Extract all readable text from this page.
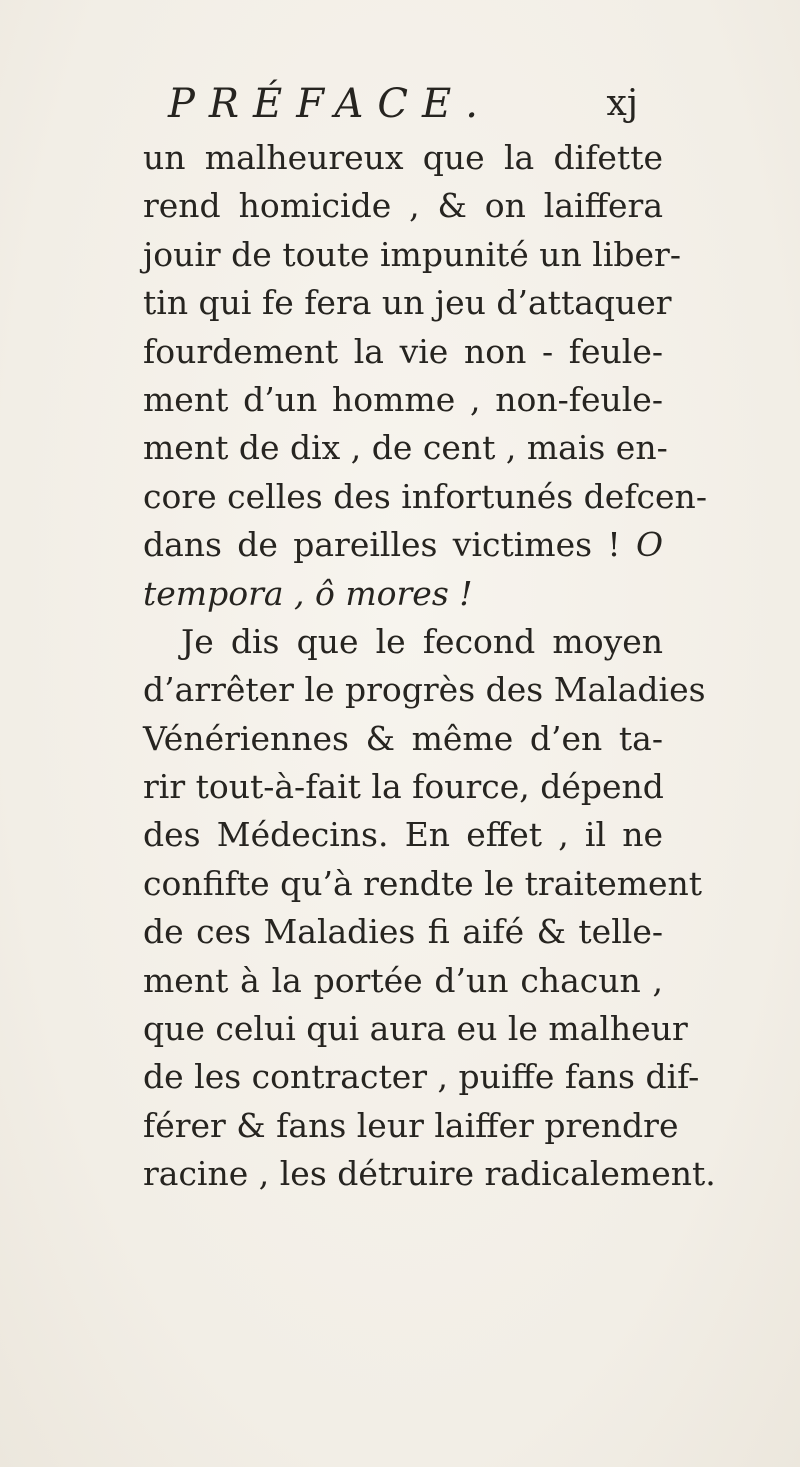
PRÉFACE.	xj
un malheureux que la difette
rend homicide , & on laiffera
jouir de toute impunité un liber-
tin qui fe fera un jeu d’attaquer
fourdement la vie non - feule-
ment d’un homme , non-feule-
ment de dix , de cent , mais en-
core celles des infortunés defcen-
dans de pareilles victimes ! O
tempora , ô mores !
Je dis que le fecond moyen
d’arrêter le progrès des Maladies
Vénériennes & même d’en ta-
rir tout-à-fait la fource, dépend
des Médecins. En effet , il ne
confifte qu’à rendte le traitement
de ces Maladies fi aifé & telle-
ment à la portée d’un chacun ,
que celui qui aura eu le malheur
de les contracter , puiffe fans dif-
férer & fans leur laiffer prendre
racine , les détruire radicalement.
